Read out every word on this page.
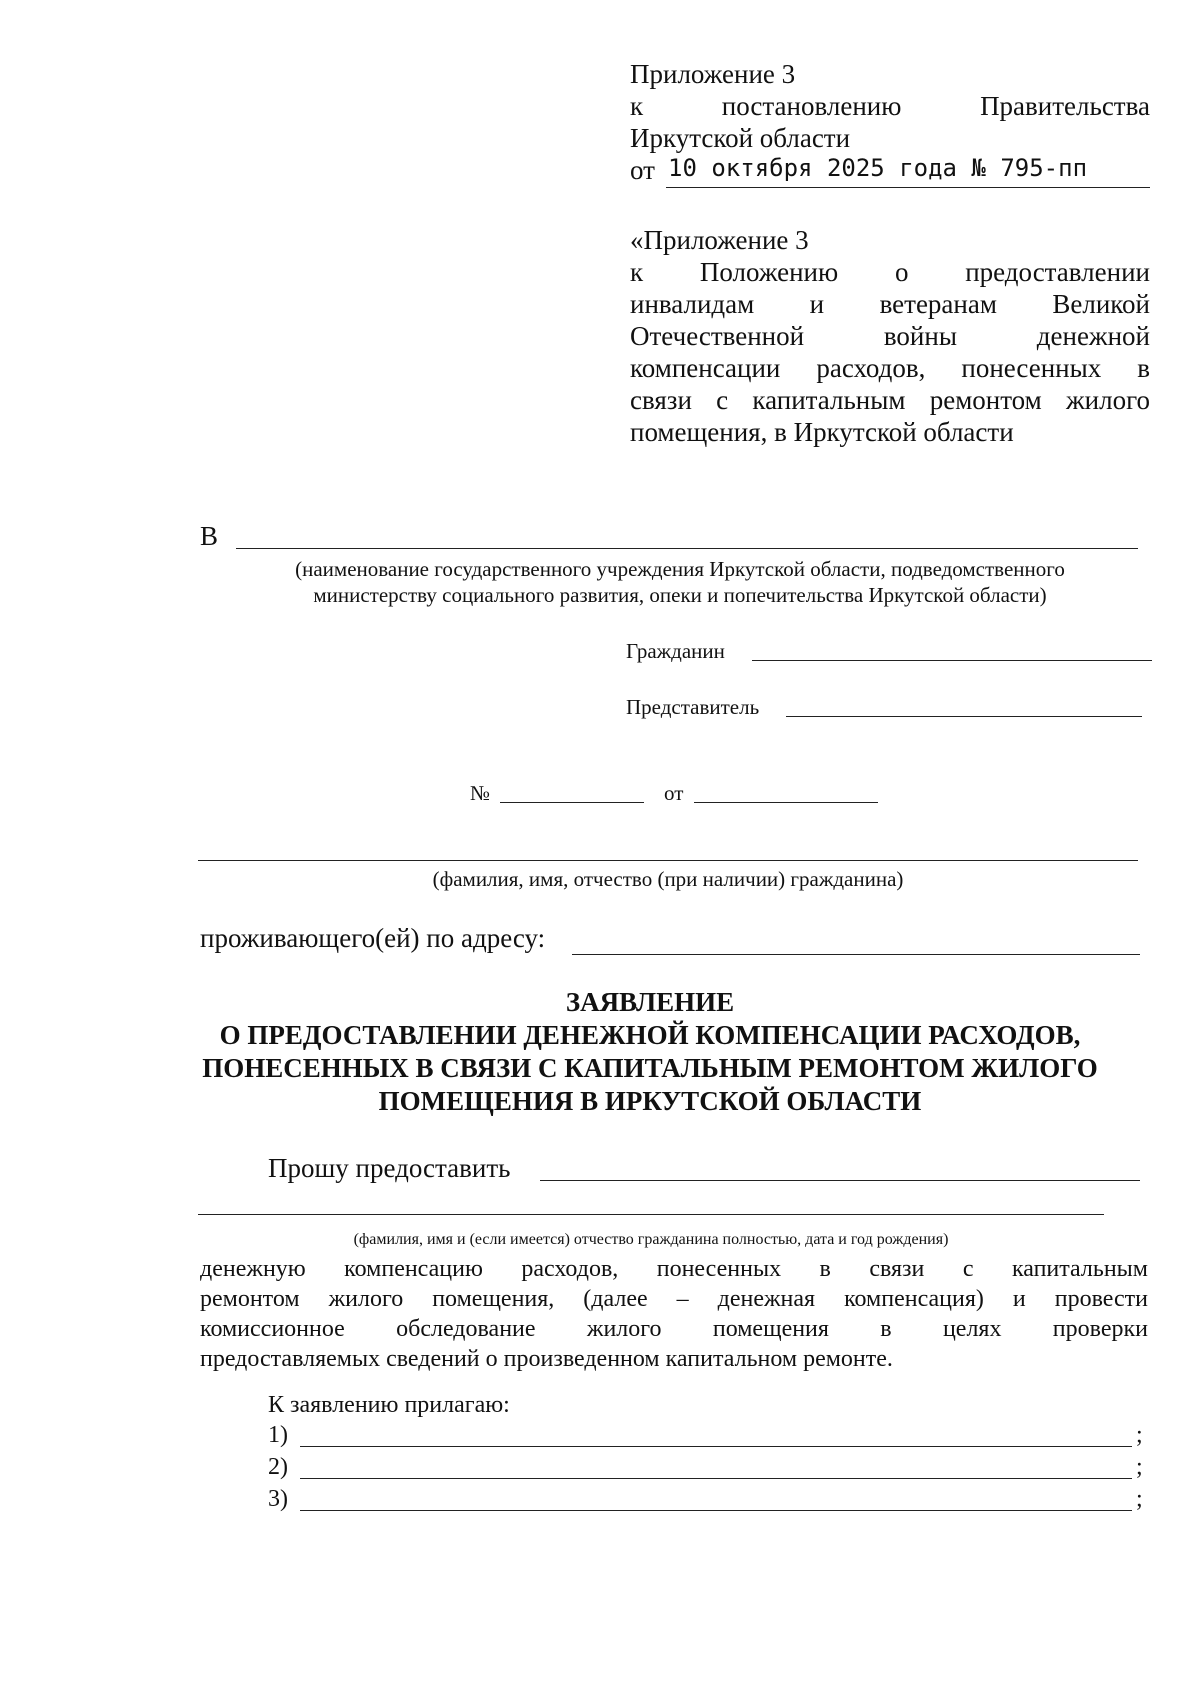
Приложение 3
к	постановлению	Правительства
Иркутской области
от 10 октября 2025 года № 795-пп
«Приложение 3
к Положению о предоставлении
инвалидам и ветеранам Великой
Отечественной войны денежной
компенсации расходов, понесенных в
связи с капитальным ремонтом жилого
помещения, в Иркутской области
В
(наименование государственного учреждения Иркутской области, подведомственного
министерству социального развития, опеки и попечительства Иркутской области)
Гражданин
Представитель
№	от
(фамилия, имя, отчество (при наличии) гражданина)
проживающего(ей) по адресу:
ЗАЯВЛЕНИЕ
О ПРЕДОСТАВЛЕНИИ ДЕНЕЖНОЙ КОМПЕНСАЦИИ РАСХОДОВ,
ПОНЕСЕННЫХ В СВЯЗИ С КАПИТАЛЬНЫМ РЕМОНТОМ ЖИЛОГО
ПОМЕЩЕНИЯ В ИРКУТСКОЙ ОБЛАСТИ
Прошу предоставить
(фамилия, имя и (если имеется) отчество гражданина полностью, дата и год рождения)
денежную компенсацию расходов, понесенных в связи с капитальным
ремонтом жилого помещения, (далее – денежная компенсация) и провести
комиссионное обследование жилого помещения в целях проверки
предоставляемых сведений о произведенном капитальном ремонте.
К заявлению прилагаю:
1)	;
2)	;
3)	;
